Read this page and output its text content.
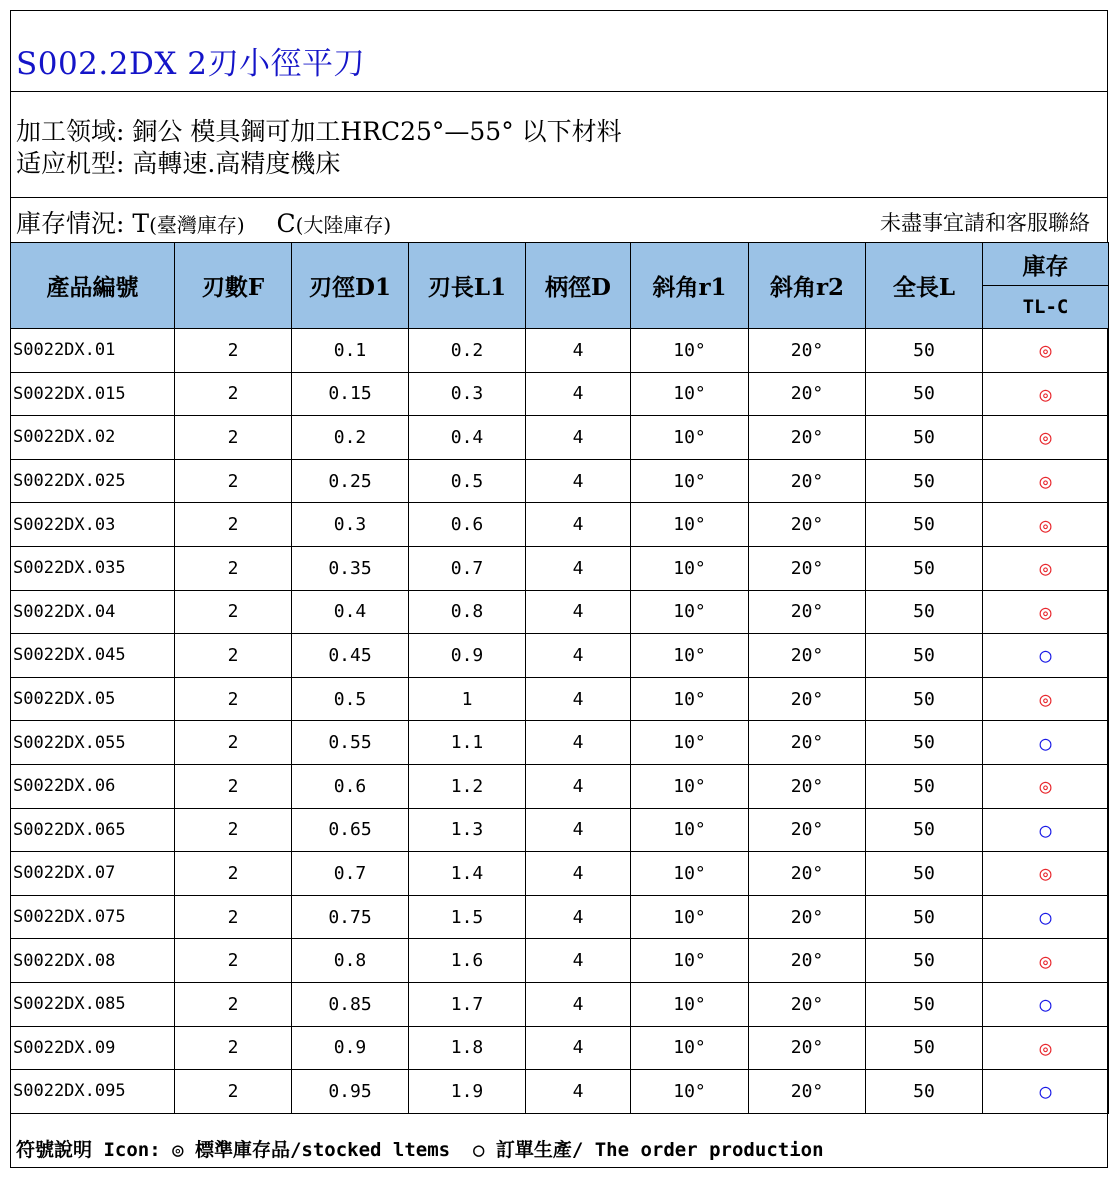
S002.2DX 2刃小徑平刀
加工领域: 銅公 模具鋼可加工HRC25°—55° 以下材料
适应机型: 高轉速.高精度機床
庫存情況: T(臺灣庫存) C(大陸庫存)	未盡事宜請和客服聯絡
產品編號	刃數F	刃徑D1	刃長L1	柄徑D	斜角r1	斜角r2	全長L	庫存
								TL-C
S0022DX.01	2	0.1	0.2	4	10°	20°	50	◎
S0022DX.015	2	0.15	0.3	4	10°	20°	50	◎
S0022DX.02	2	0.2	0.4	4	10°	20°	50	◎
S0022DX.025	2	0.25	0.5	4	10°	20°	50	◎
S0022DX.03	2	0.3	0.6	4	10°	20°	50	◎
S0022DX.035	2	0.35	0.7	4	10°	20°	50	◎
S0022DX.04	2	0.4	0.8	4	10°	20°	50	◎
S0022DX.045	2	0.45	0.9	4	10°	20°	50	○
S0022DX.05	2	0.5	1	4	10°	20°	50	◎
S0022DX.055	2	0.55	1.1	4	10°	20°	50	○
S0022DX.06	2	0.6	1.2	4	10°	20°	50	◎
S0022DX.065	2	0.65	1.3	4	10°	20°	50	○
S0022DX.07	2	0.7	1.4	4	10°	20°	50	◎
S0022DX.075	2	0.75	1.5	4	10°	20°	50	○
S0022DX.08	2	0.8	1.6	4	10°	20°	50	◎
S0022DX.085	2	0.85	1.7	4	10°	20°	50	○
S0022DX.09	2	0.9	1.8	4	10°	20°	50	◎
S0022DX.095	2	0.95	1.9	4	10°	20°	50	○
符號說明 Icon: ◎ 標準庫存品/stocked ltems  ○ 訂單生產/ The order production
